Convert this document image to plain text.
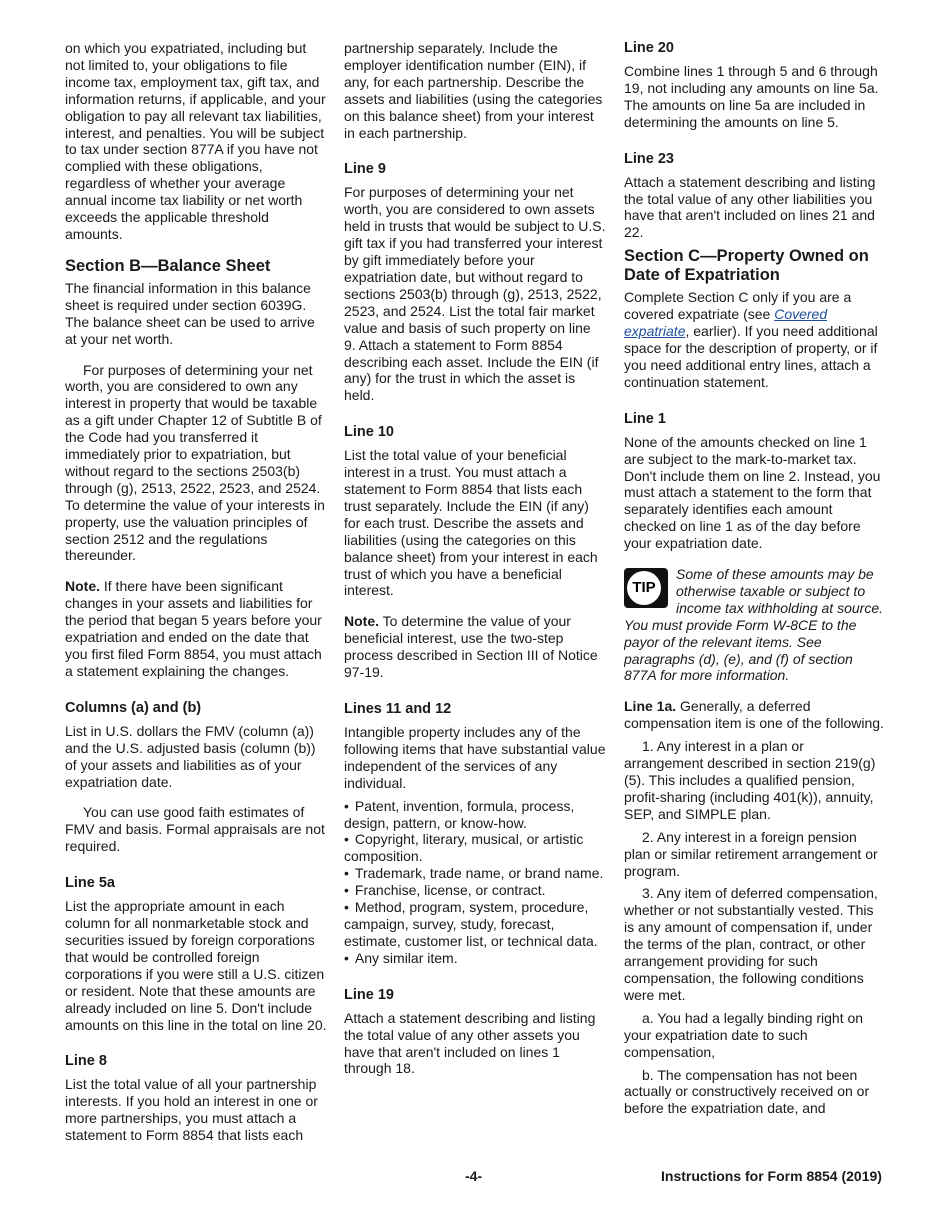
on which you expatriated, including but not limited to, your obligations to file income tax, employment tax, gift tax, and information returns, if applicable, and your obligation to pay all relevant tax liabilities, interest, and penalties. You will be subject to tax under section 877A if you have not complied with these obligations, regardless of whether your average annual income tax liability or net worth exceeds the applicable threshold amounts.

Section B—Balance Sheet

The financial information in this balance sheet is required under section 6039G. The balance sheet can be used to arrive at your net worth.

For purposes of determining your net worth, you are considered to own any interest in property that would be taxable as a gift under Chapter 12 of Subtitle B of the Code had you transferred it immediately prior to expatriation, but without regard to the sections 2503(b) through (g), 2513, 2522, 2523, and 2524. To determine the value of your interests in property, use the valuation principles of section 2512 and the regulations thereunder.

Note. If there have been significant changes in your assets and liabilities for the period that began 5 years before your expatriation and ended on the date that you first filed Form 8854, you must attach a statement explaining the changes.

Columns (a) and (b)

List in U.S. dollars the FMV (column (a)) and the U.S. adjusted basis (column (b)) of your assets and liabilities as of your expatriation date.

You can use good faith estimates of FMV and basis. Formal appraisals are not required.

Line 5a

List the appropriate amount in each column for all nonmarketable stock and securities issued by foreign corporations that would be controlled foreign corporations if you were still a U.S. citizen or resident. Note that these amounts are already included on line 5. Don't include amounts on this line in the total on line 20.

Line 8

List the total value of all your partnership interests. If you hold an interest in one or more partnerships, you must attach a statement to Form 8854 that lists each

partnership separately. Include the employer identification number (EIN), if any, for each partnership. Describe the assets and liabilities (using the categories on this balance sheet) from your interest in each partnership.

Line 9

For purposes of determining your net worth, you are considered to own assets held in trusts that would be subject to U.S. gift tax if you had transferred your interest by gift immediately before your expatriation date, but without regard to sections 2503(b) through (g), 2513, 2522, 2523, and 2524. List the total fair market value and basis of such property on line 9. Attach a statement to Form 8854 describing each asset. Include the EIN (if any) for the trust in which the asset is held.

Line 10

List the total value of your beneficial interest in a trust. You must attach a statement to Form 8854 that lists each trust separately. Include the EIN (if any) for each trust. Describe the assets and liabilities (using the categories on this balance sheet) from your interest in each trust of which you have a beneficial interest.

Note. To determine the value of your beneficial interest, use the two-step process described in Section III of Notice 97-19.

Lines 11 and 12

Intangible property includes any of the following items that have substantial value independent of the services of any individual.

• Patent, invention, formula, process, design, pattern, or know-how.
• Copyright, literary, musical, or artistic composition.
• Trademark, trade name, or brand name.
• Franchise, license, or contract.
• Method, program, system, procedure, campaign, survey, study, forecast, estimate, customer list, or technical data.
• Any similar item.
Line 19

Attach a statement describing and listing the total value of any other assets you have that aren't included on lines 1 through 18.

Line 20

Combine lines 1 through 5 and 6 through 19, not including any amounts on line 5a. The amounts on line 5a are included in determining the amounts on line 5.

Line 23

Attach a statement describing and listing the total value of any other liabilities you have that aren't included on lines 21 and 22.

Section C—Property Owned on Date of Expatriation

Complete Section C only if you are a covered expatriate (see Covered expatriate, earlier). If you need additional space for the description of property, or if you need additional entry lines, attach a continuation statement.

Line 1

None of the amounts checked on line 1 are subject to the mark-to-market tax. Don't include them on line 2. Instead, you must attach a statement to the form that separately identifies each amount checked on line 1 as of the day before your expatriation date.

TIP
Some of these amounts may be otherwise taxable or subject to income tax withholding at source. You must provide Form W-8CE to the payor of the relevant items. See paragraphs (d), (e), and (f) of section 877A for more information.

Line 1a. Generally, a deferred compensation item is one of the following.

1. Any interest in a plan or arrangement described in section 219(g)(5). This includes a qualified pension, profit-sharing (including 401(k)), annuity, SEP, and SIMPLE plan.

2. Any interest in a foreign pension plan or similar retirement arrangement or program.

3. Any item of deferred compensation, whether or not substantially vested. This is any amount of compensation if, under the terms of the plan, contract, or other arrangement providing for such compensation, the following conditions were met.

a. You had a legally binding right on your expatriation date to such compensation,

b. The compensation has not been actually or constructively received on or before the expatriation date, and

-4-	Instructions for Form 8854 (2019)
